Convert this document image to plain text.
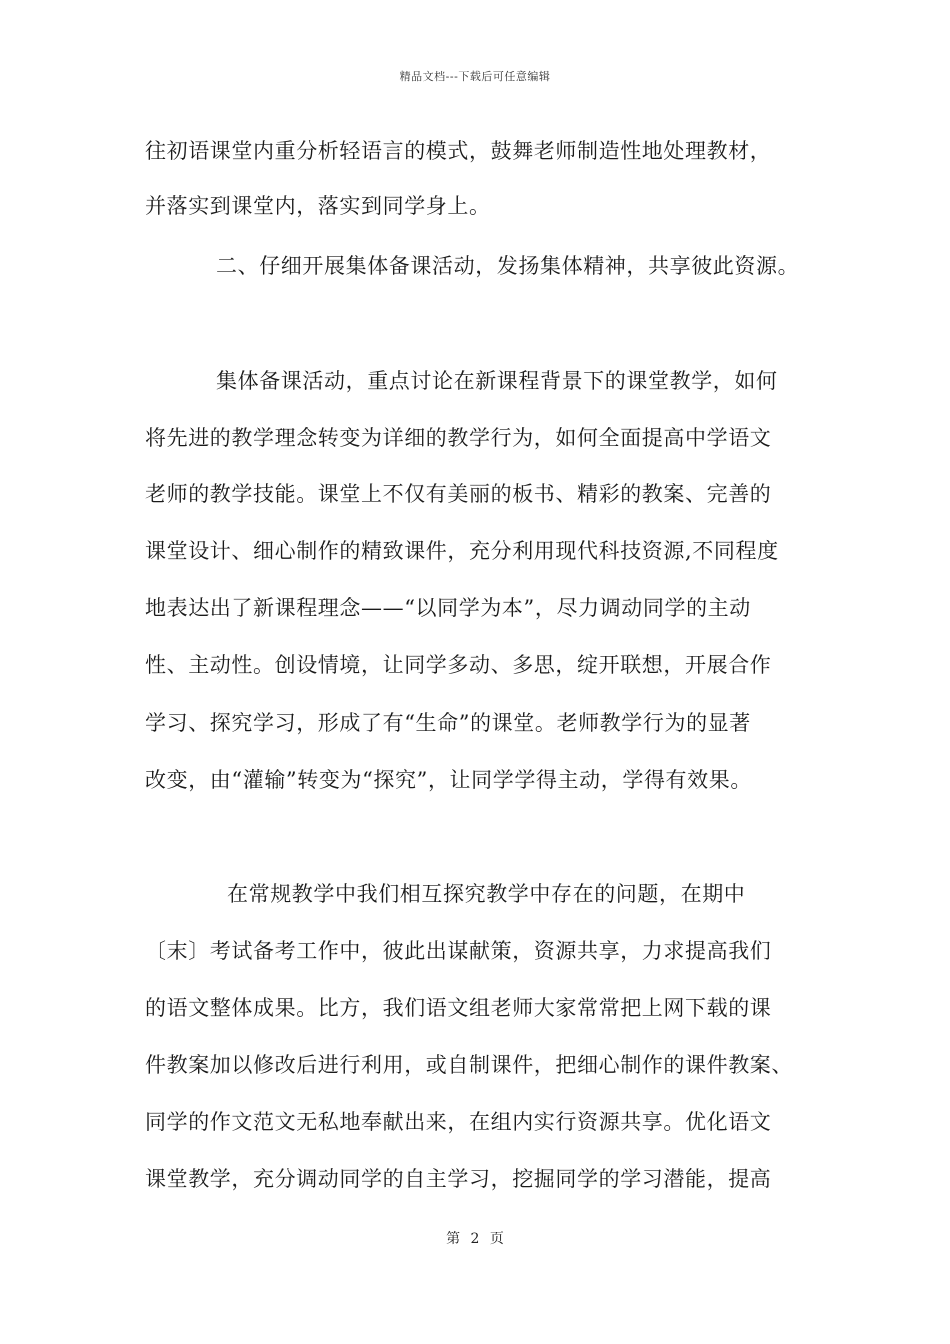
精品文档---下载后可任意编辑
往初语课堂内重分析轻语言的模式，鼓舞老师制造性地处理教材，
并落实到课堂内，落实到同学身上。
二、仔细开展集体备课活动，发扬集体精神，共享彼此资源。
集体备课活动，重点讨论在新课程背景下的课堂教学，如何
将先进的教学理念转变为详细的教学行为，如何全面提高中学语文
老师的教学技能。课堂上不仅有美丽的板书、精彩的教案、完善的
课堂设计、细心制作的精致课件，充分利用现代科技资源,不同程度
地表达出了新课程理念——“以同学为本”，尽力调动同学的主动
性、主动性。创设情境，让同学多动、多思，绽开联想，开展合作
学习、探究学习，形成了有“生命”的课堂。老师教学行为的显著
改变，由“灌输”转变为“探究”，让同学学得主动，学得有效果。
在常规教学中我们相互探究教学中存在的问题，在期中
〔末〕考试备考工作中，彼此出谋献策，资源共享，力求提高我们
的语文整体成果。比方，我们语文组老师大家常常把上网下载的课
件教案加以修改后进行利用，或自制课件，把细心制作的课件教案、
同学的作文范文无私地奉献出来，在组内实行资源共享。优化语文
课堂教学，充分调动同学的自主学习，挖掘同学的学习潜能，提高
第 2 页
